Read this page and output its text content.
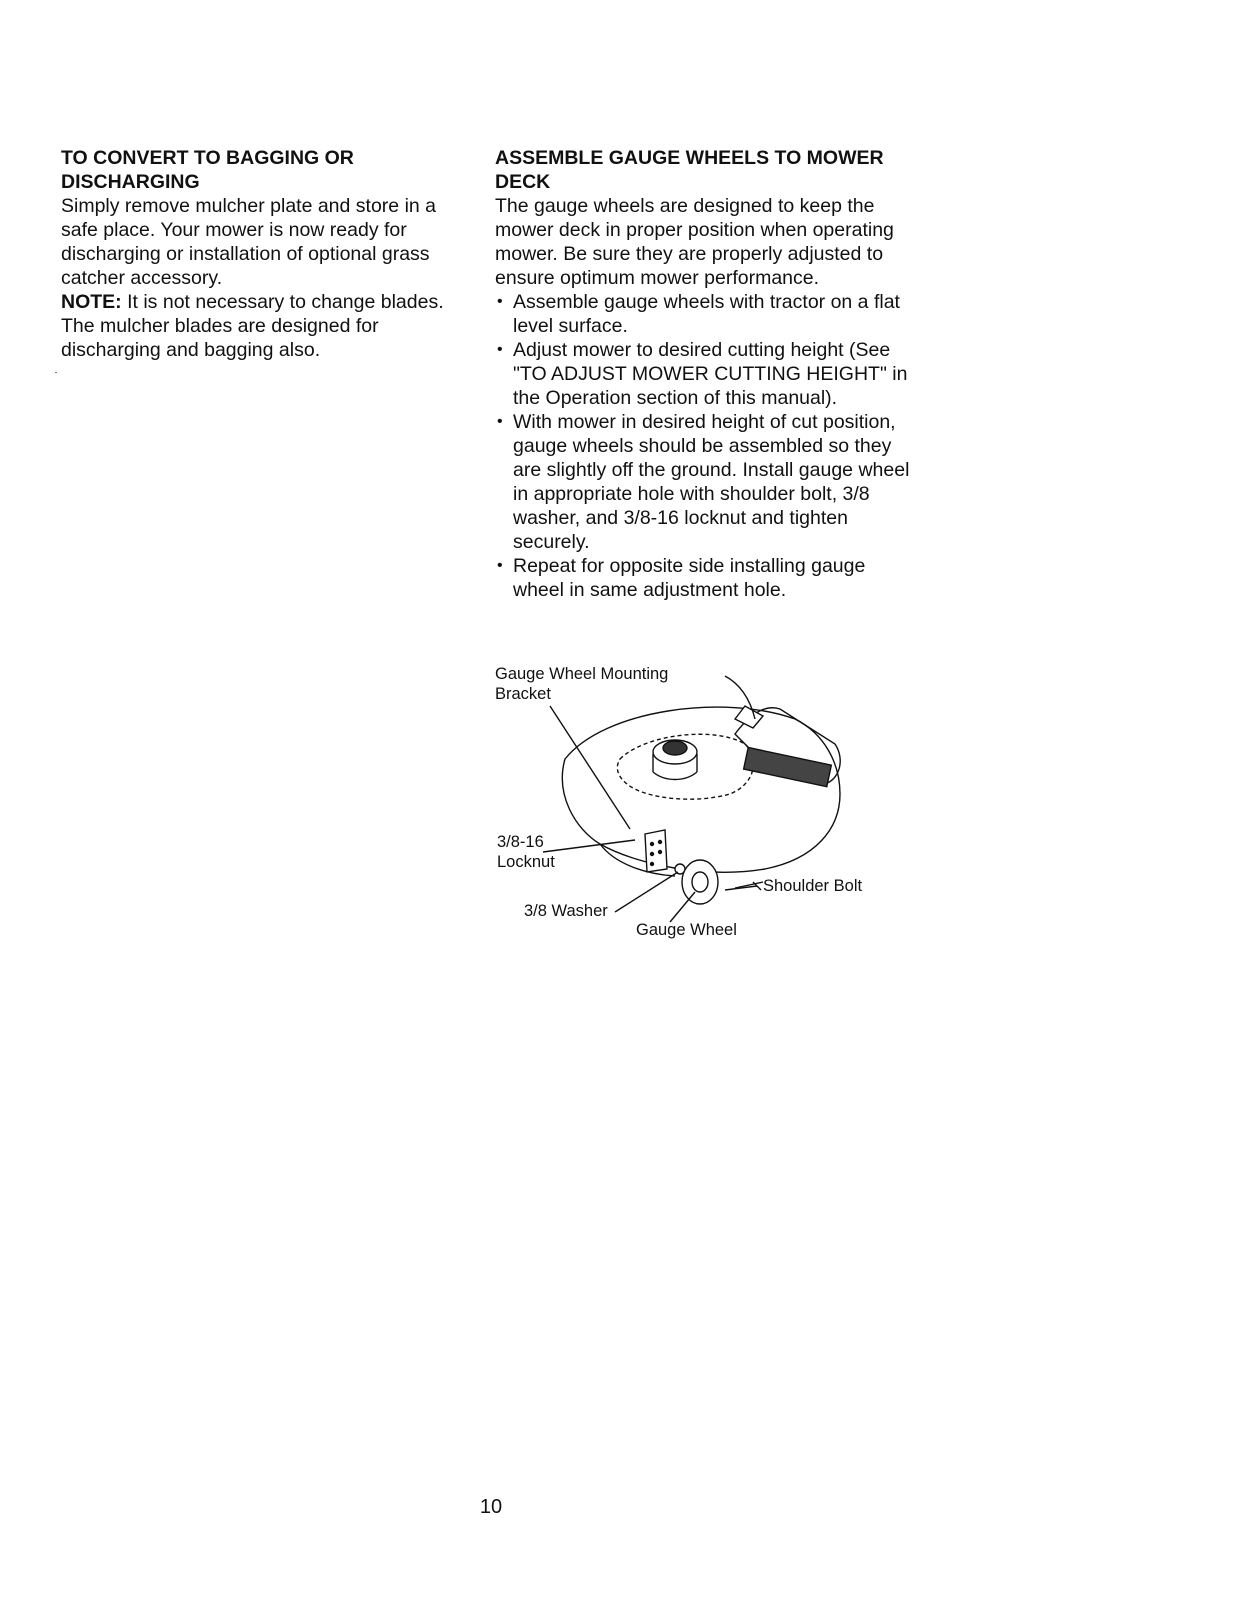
TO CONVERT TO BAGGING OR DISCHARGING

Simply remove mulcher plate and store in a safe place. Your mower is now ready for discharging or installation of optional grass catcher accessory.

NOTE: It is not necessary to change blades. The mulcher blades are designed for discharging and bagging also.

ASSEMBLE GAUGE WHEELS TO MOWER DECK

The gauge wheels are designed to keep the mower deck in proper position when operating mower. Be sure they are properly adjusted to ensure optimum mower performance.

• Assemble gauge wheels with tractor on a flat level surface.
• Adjust mower to desired cutting height (See "TO ADJUST MOWER CUTTING HEIGHT" in the Operation section of this manual).
• With mower in desired height of cut position, gauge wheels should be assembled so they are slightly off the ground. Install gauge wheel in appropriate hole with shoulder bolt, 3/8 washer, and 3/8-16 locknut and tighten securely.
• Repeat for opposite side installing gauge wheel in same adjustment hole.
Gauge Wheel Mounting
Bracket
3/8-16
Locknut
3/8 Washer
Gauge Wheel
Shoulder Bolt
10
